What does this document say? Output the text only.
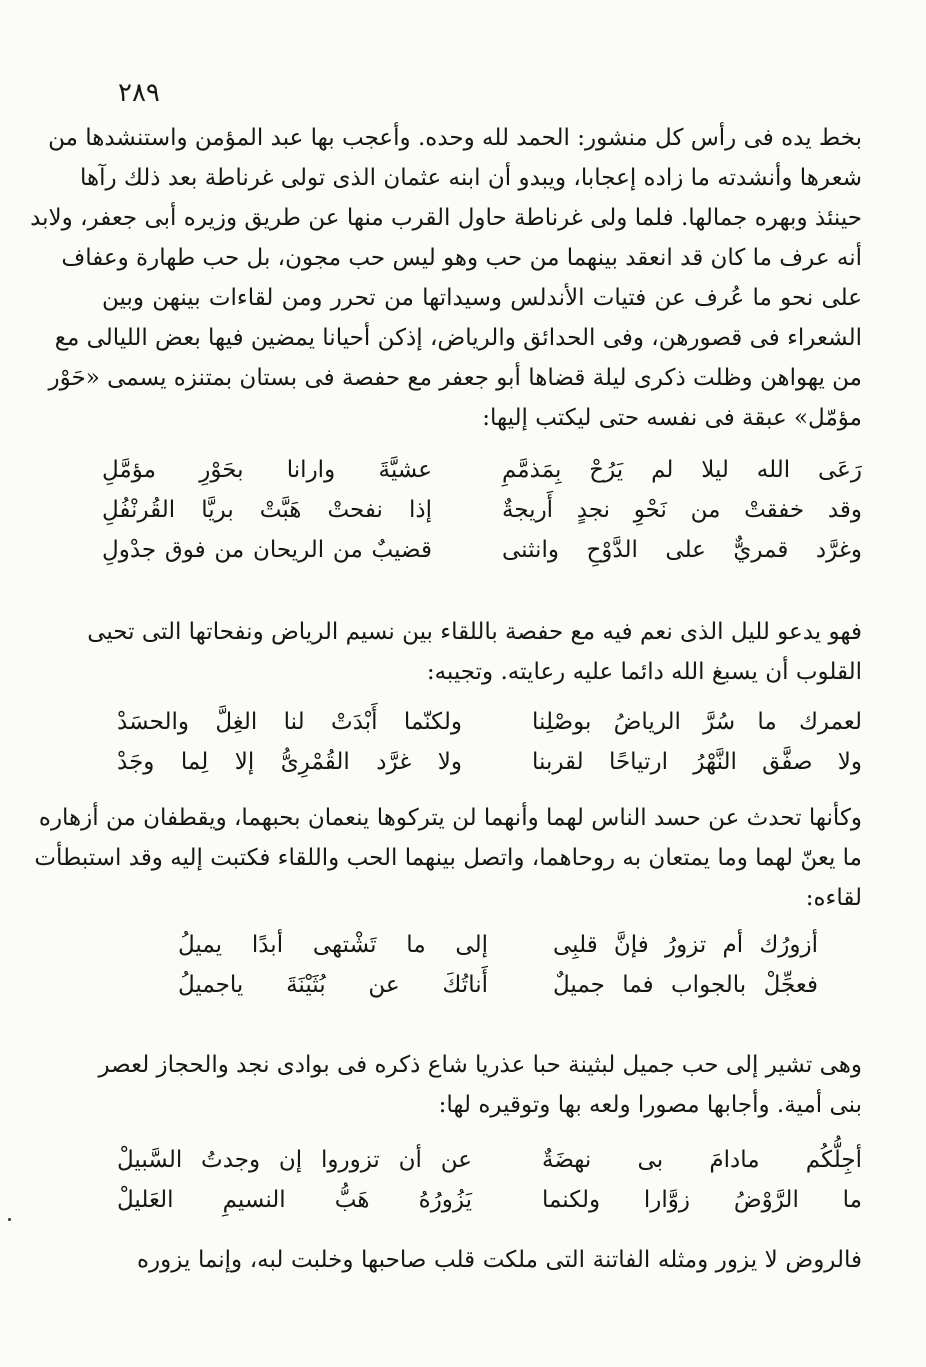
٢٨٩
بخط يده فى رأس كل منشور: الحمد لله وحده. وأعجب بها عبد المؤمن واستنشدها من
شعرها وأنشدته ما زاده إعجابا، ويبدو أن ابنه عثمان الذى تولى غرناطة بعد ذلك رآها
حينئذ وبهره جمالها. فلما ولى غرناطة حاول القرب منها عن طريق وزيره أبى جعفر، ولابد
أنه عرف ما كان قد انعقد بينهما من حب وهو ليس حب مجون، بل حب طهارة وعفاف
على نحو ما عُرف عن فتيات الأندلس وسيداتها من تحرر ومن لقاءات بينهن وبين
الشعراء فى قصورهن، وفى الحدائق والرياض، إذكن أحيانا يمضين فيها بعض الليالى مع
من يهواهن وظلت ذكرى ليلة قضاها أبو جعفر مع حفصة فى بستان بمتنزه يسمى «حَوْر
مؤمّل» عبقة فى نفسه حتى ليكتب إليها:
رَعَى الله ليلا لم يَرُحْ بِمَذمَّمِ
عشيَّةَ وارانا بحَوْرِ مؤمَّلِ
وقد خفقتْ من نَحْوِ نجدٍ أَريجةٌ
إذا نفحتْ هَبَّتْ بريَّا القُرنْفُلِ
وغرَّد قمريٌّ على الدَّوْحِ وانثنى
قضيبٌ من الريحان من فوق جدْولِ
فهو يدعو لليل الذى نعم فيه مع حفصة باللقاء بين نسيم الرياض ونفحاتها التى تحيى
القلوب أن يسبغ الله دائما عليه رعايته. وتجيبه:
لعمرك ما سُرَّ الرياضُ بوصْلِنا
ولكنّما أَبْدَتْ لنا الغِلَّ والحسَدْ
ولا صفَّق النَّهْرُ ارتياحًا لقربنا
ولا غرَّد القُمْرِىُّ إلا لِما وجَدْ
وكأنها تحدث عن حسد الناس لهما وأنهما لن يتركوها ينعمان بحبهما، ويقطفان من أزهاره
ما يعنّ لهما وما يمتعان به روحاهما، واتصل بينهما الحب واللقاء فكتبت إليه وقد استبطأت
لقاءه:
أزورُك أم تزورُ فإنَّ قلبِى
إلى ما تَشْتهى أبدًا يميلُ
فعجِّلْ بالجواب فما جميلٌ
أَناتُكَ عن بُثَيْنَةَ ياجميلُ
وهى تشير إلى حب جميل لبثينة حبا عذريا شاع ذكره فى بوادى نجد والحجاز لعصر
بنى أمية. وأجابها مصورا ولعه بها وتوقيره لها:
أجِلُّكُم مادامَ بى نهضَةٌ
عن أن تزوروا إن وجدتُ السَّبيلْ
ما الرَّوْضُ زوَّارا ولكنما
يَزُورُهُ هَبُّ النسيمِ العَليلْ
فالروض لا يزور ومثله الفاتنة التى ملكت قلب صاحبها وخلبت لبه، وإنما يزوره
